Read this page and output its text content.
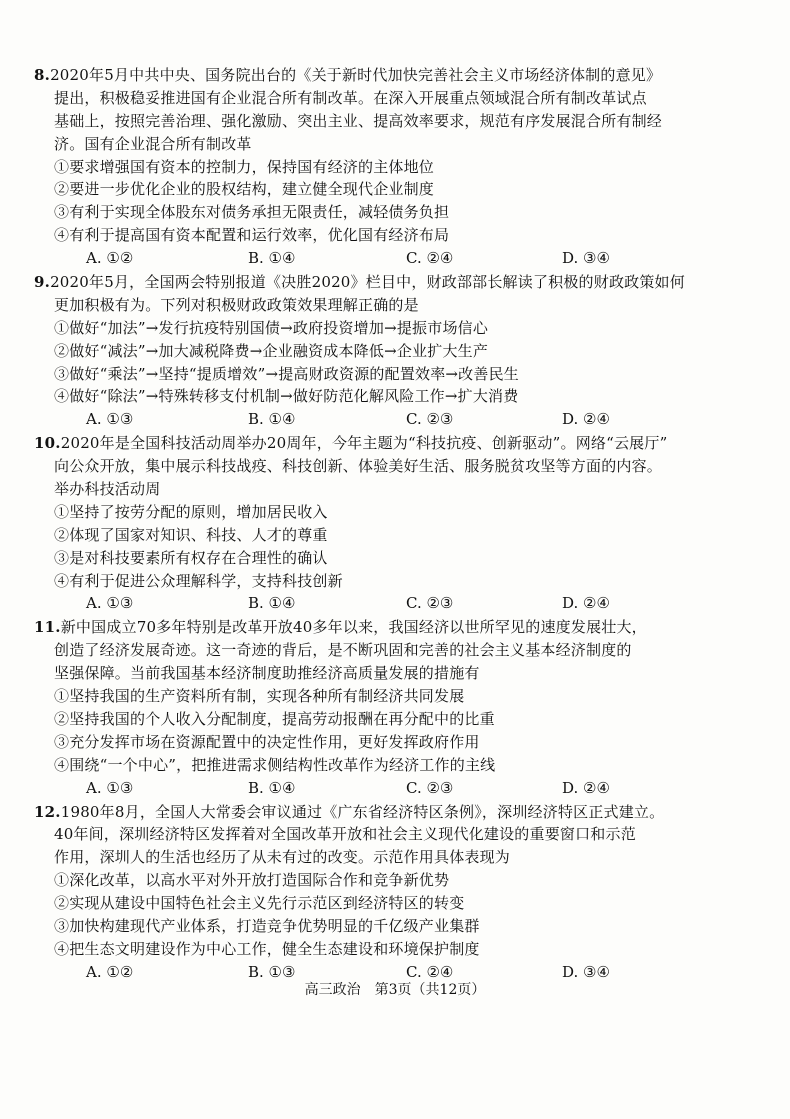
8.2020年5月中共中央、国务院出台的《关于新时代加快完善社会主义市场经济体制的意见》
提出，积极稳妥推进国有企业混合所有制改革。在深入开展重点领域混合所有制改革试点
基础上，按照完善治理、强化激励、突出主业、提高效率要求，规范有序发展混合所有制经
济。国有企业混合所有制改革
①要求增强国有资本的控制力，保持国有经济的主体地位
②要进一步优化企业的股权结构，建立健全现代企业制度
③有利于实现全体股东对债务承担无限责任，减轻债务负担
④有利于提高国有资本配置和运行效率，优化国有经济布局
A. ①②	B. ①④	C. ②④	D. ③④
9.2020年5月，全国两会特别报道《决胜2020》栏目中，财政部部长解读了积极的财政政策如何
更加积极有为。下列对积极财政政策效果理解正确的是
①做好“加法”→发行抗疫特别国债→政府投资增加→提振市场信心
②做好“减法”→加大减税降费→企业融资成本降低→企业扩大生产
③做好“乘法”→坚持“提质增效”→提高财政资源的配置效率→改善民生
④做好“除法”→特殊转移支付机制→做好防范化解风险工作→扩大消费
A. ①③	B. ①④	C. ②③	D. ②④
10.2020年是全国科技活动周举办20周年，今年主题为“科技抗疫、创新驱动”。网络“云展厅”
向公众开放，集中展示科技战疫、科技创新、体验美好生活、服务脱贫攻坚等方面的内容。
举办科技活动周
①坚持了按劳分配的原则，增加居民收入
②体现了国家对知识、科技、人才的尊重
③是对科技要素所有权存在合理性的确认
④有利于促进公众理解科学，支持科技创新
A. ①③	B. ①④	C. ②③	D. ②④
11.新中国成立70多年特别是改革开放40多年以来，我国经济以世所罕见的速度发展壮大，
创造了经济发展奇迹。这一奇迹的背后，是不断巩固和完善的社会主义基本经济制度的
坚强保障。当前我国基本经济制度助推经济高质量发展的措施有
①坚持我国的生产资料所有制，实现各种所有制经济共同发展
②坚持我国的个人收入分配制度，提高劳动报酬在再分配中的比重
③充分发挥市场在资源配置中的决定性作用，更好发挥政府作用
④围绕“一个中心”，把推进需求侧结构性改革作为经济工作的主线
A. ①③	B. ①④	C. ②③	D. ②④
12.1980年8月，全国人大常委会审议通过《广东省经济特区条例》，深圳经济特区正式建立。
40年间，深圳经济特区发挥着对全国改革开放和社会主义现代化建设的重要窗口和示范
作用，深圳人的生活也经历了从未有过的改变。示范作用具体表现为
①深化改革，以高水平对外开放打造国际合作和竞争新优势
②实现从建设中国特色社会主义先行示范区到经济特区的转变
③加快构建现代产业体系，打造竞争优势明显的千亿级产业集群
④把生态文明建设作为中心工作，健全生态建设和环境保护制度
A. ①②	B. ①③	C. ②④	D. ③④
高三政治　第3页（共12页）
